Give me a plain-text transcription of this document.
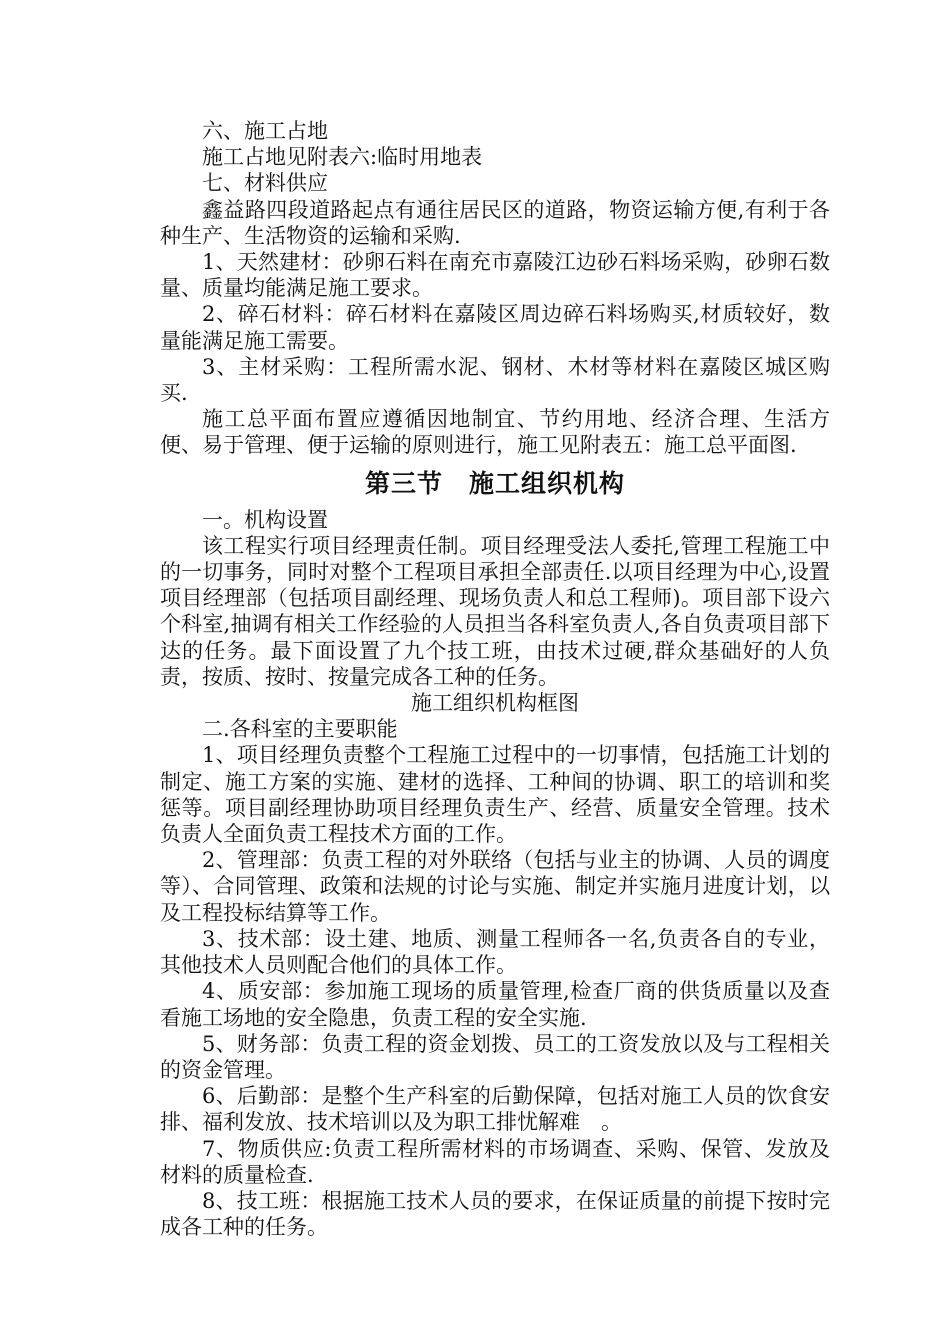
六、施工占地

施工占地见附表六:临时用地表

七、材料供应

鑫益路四段道路起点有通往居民区的道路，物资运输方便,有利于各种生产、生活物资的运输和采购.

1、天然建材：砂卵石料在南充市嘉陵江边砂石料场采购，砂卵石数量、质量均能满足施工要求。

2、碎石材料：碎石材料在嘉陵区周边碎石料场购买,材质较好，数量能满足施工需要。

3、主材采购：工程所需水泥、钢材、木材等材料在嘉陵区城区购买.

施工总平面布置应遵循因地制宜、节约用地、经济合理、生活方便、易于管理、便于运输的原则进行，施工见附表五：施工总平面图.

第三节　施工组织机构

一。机构设置

该工程实行项目经理责任制。项目经理受法人委托,管理工程施工中的一切事务，同时对整个工程项目承担全部责任.以项目经理为中心,设置项目经理部（包括项目副经理、现场负责人和总工程师)。项目部下设六个科室,抽调有相关工作经验的人员担当各科室负责人,各自负责项目部下达的任务。最下面设置了九个技工班，由技术过硬,群众基础好的人负责，按质、按时、按量完成各工种的任务。

施工组织机构框图

二.各科室的主要职能

1、项目经理负责整个工程施工过程中的一切事情，包括施工计划的制定、施工方案的实施、建材的选择、工种间的协调、职工的培训和奖惩等。项目副经理协助项目经理负责生产、经营、质量安全管理。技术负责人全面负责工程技术方面的工作。

2、管理部：负责工程的对外联络（包括与业主的协调、人员的调度等）、合同管理、政策和法规的讨论与实施、制定并实施月进度计划，以及工程投标结算等工作。

3、技术部：设土建、地质、测量工程师各一名,负责各自的专业，其他技术人员则配合他们的具体工作。

4、质安部：参加施工现场的质量管理,检查厂商的供货质量以及查看施工场地的安全隐患，负责工程的安全实施.

5、财务部：负责工程的资金划拨、员工的工资发放以及与工程相关的资金管理。

6、后勤部：是整个生产科室的后勤保障，包括对施工人员的饮食安排、福利发放、技术培训以及为职工排忧解难　。

7、物质供应:负责工程所需材料的市场调查、采购、保管、发放及材料的质量检查.

8、技工班：根据施工技术人员的要求，在保证质量的前提下按时完成各工种的任务。
